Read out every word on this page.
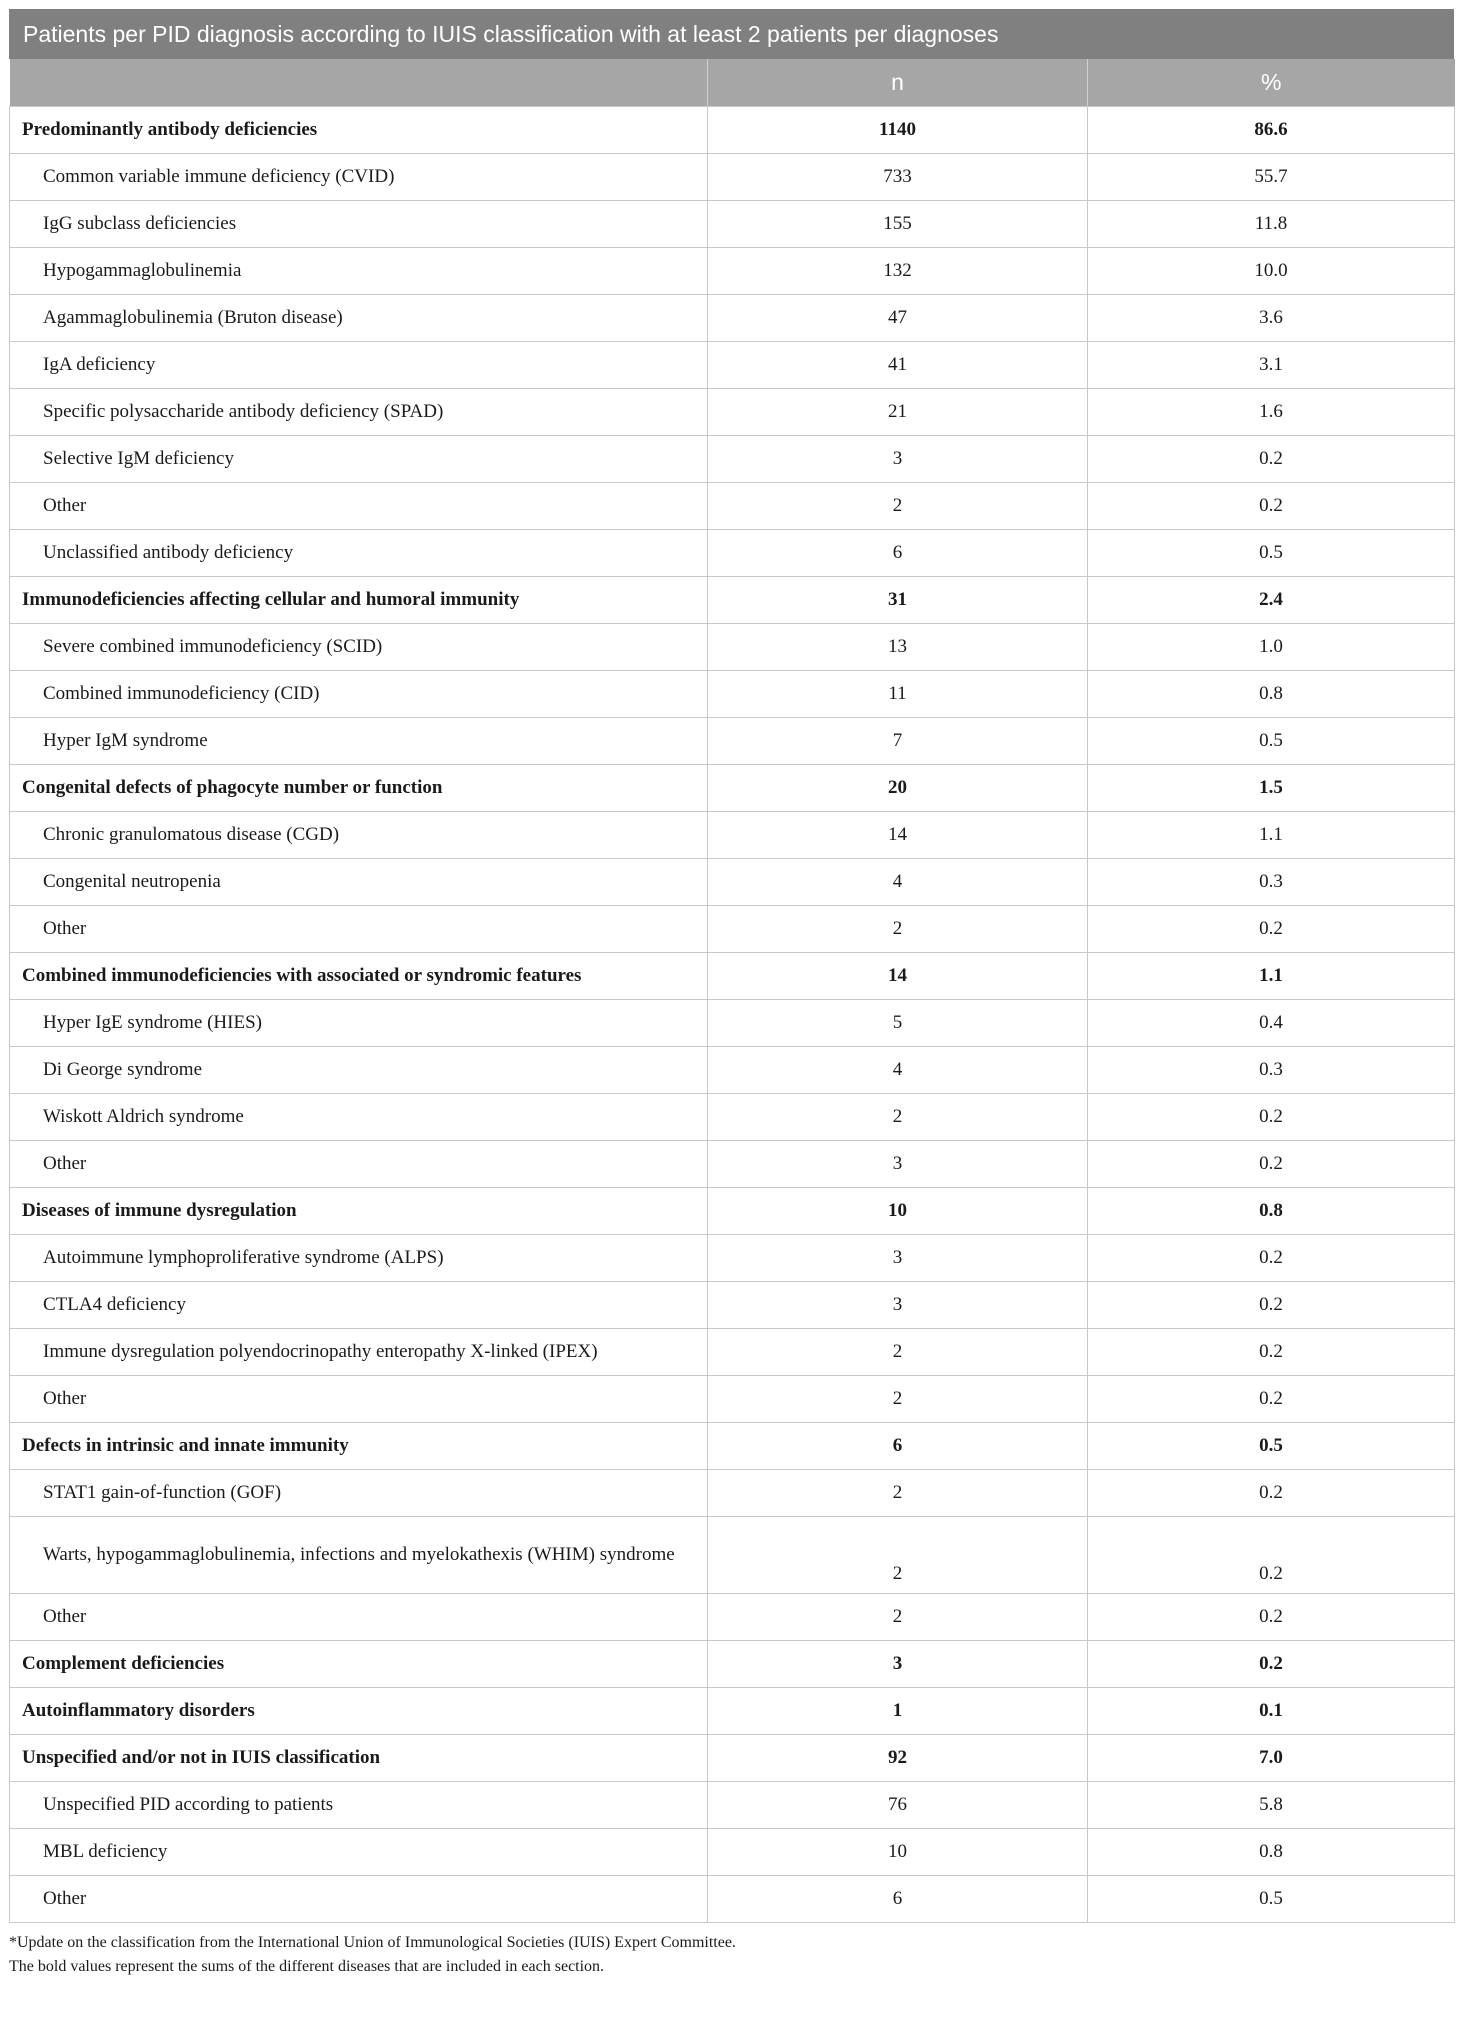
Patients per PID diagnosis according to IUIS classification with at least 2 patients per diagnoses
	n	%
Predominantly antibody deficiencies	1140	86.6
Common variable immune deficiency (CVID)	733	55.7
IgG subclass deficiencies	155	11.8
Hypogammaglobulinemia	132	10.0
Agammaglobulinemia (Bruton disease)	47	3.6
IgA deficiency	41	3.1
Specific polysaccharide antibody deficiency (SPAD)	21	1.6
Selective IgM deficiency	3	0.2
Other	2	0.2
Unclassified antibody deficiency	6	0.5
Immunodeficiencies affecting cellular and humoral immunity	31	2.4
Severe combined immunodeficiency (SCID)	13	1.0
Combined immunodeficiency (CID)	11	0.8
Hyper IgM syndrome	7	0.5
Congenital defects of phagocyte number or function	20	1.5
Chronic granulomatous disease (CGD)	14	1.1
Congenital neutropenia	4	0.3
Other	2	0.2
Combined immunodeficiencies with associated or syndromic features	14	1.1
Hyper IgE syndrome (HIES)	5	0.4
Di George syndrome	4	0.3
Wiskott Aldrich syndrome	2	0.2
Other	3	0.2
Diseases of immune dysregulation	10	0.8
Autoimmune lymphoproliferative syndrome (ALPS)	3	0.2
CTLA4 deficiency	3	0.2
Immune dysregulation polyendocrinopathy enteropathy X-linked (IPEX)	2	0.2
Other	2	0.2
Defects in intrinsic and innate immunity	6	0.5
STAT1 gain-of-function (GOF)	2	0.2
Warts, hypogammaglobulinemia, infections and myelokathexis (WHIM) syndrome	2	0.2
Other	2	0.2
Complement deficiencies	3	0.2
Autoinflammatory disorders	1	0.1
Unspecified and/or not in IUIS classification	92	7.0
Unspecified PID according to patients	76	5.8
MBL deficiency	10	0.8
Other	6	0.5
*Update on the classification from the International Union of Immunological Societies (IUIS) Expert Committee.
The bold values represent the sums of the different diseases that are included in each section.
